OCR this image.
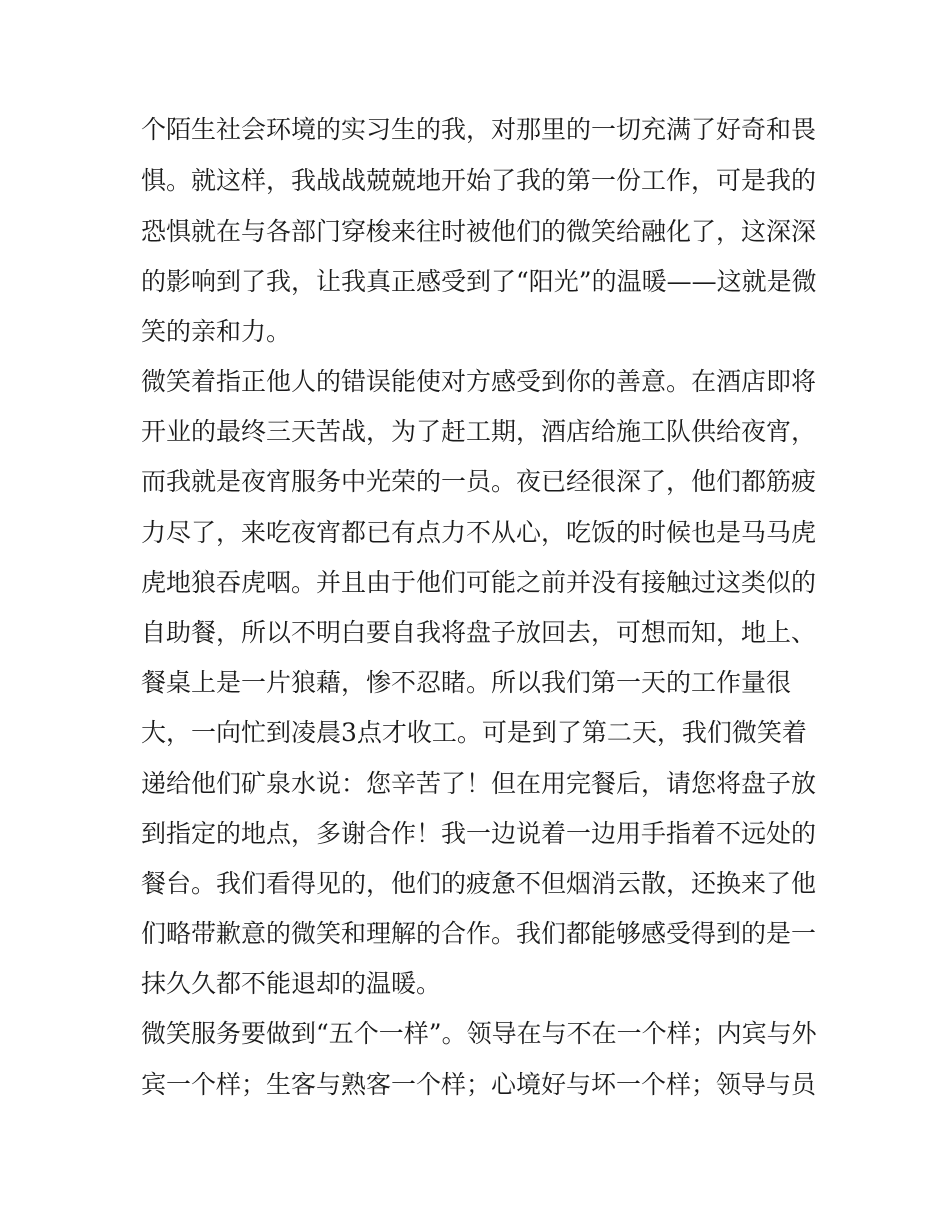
个陌生社会环境的实习生的我，对那里的一切充满了好奇和畏
惧。就这样，我战战兢兢地开始了我的第一份工作，可是我的
恐惧就在与各部门穿梭来往时被他们的微笑给融化了，这深深
的影响到了我，让我真正感受到了“阳光”的温暖——这就是微
笑的亲和力。
微笑着指正他人的错误能使对方感受到你的善意。在酒店即将
开业的最终三天苦战，为了赶工期，酒店给施工队供给夜宵，
而我就是夜宵服务中光荣的一员。夜已经很深了，他们都筋疲
力尽了，来吃夜宵都已有点力不从心，吃饭的时候也是马马虎
虎地狼吞虎咽。并且由于他们可能之前并没有接触过这类似的
自助餐，所以不明白要自我将盘子放回去，可想而知，地上、
餐桌上是一片狼藉，惨不忍睹。所以我们第一天的工作量很
大，一向忙到凌晨3点才收工。可是到了第二天，我们微笑着
递给他们矿泉水说：您辛苦了！但在用完餐后，请您将盘子放
到指定的地点，多谢合作！我一边说着一边用手指着不远处的
餐台。我们看得见的，他们的疲惫不但烟消云散，还换来了他
们略带歉意的微笑和理解的合作。我们都能够感受得到的是一
抹久久都不能退却的温暖。
微笑服务要做到“五个一样”。领导在与不在一个样；内宾与外
宾一个样；生客与熟客一个样；心境好与坏一个样；领导与员
